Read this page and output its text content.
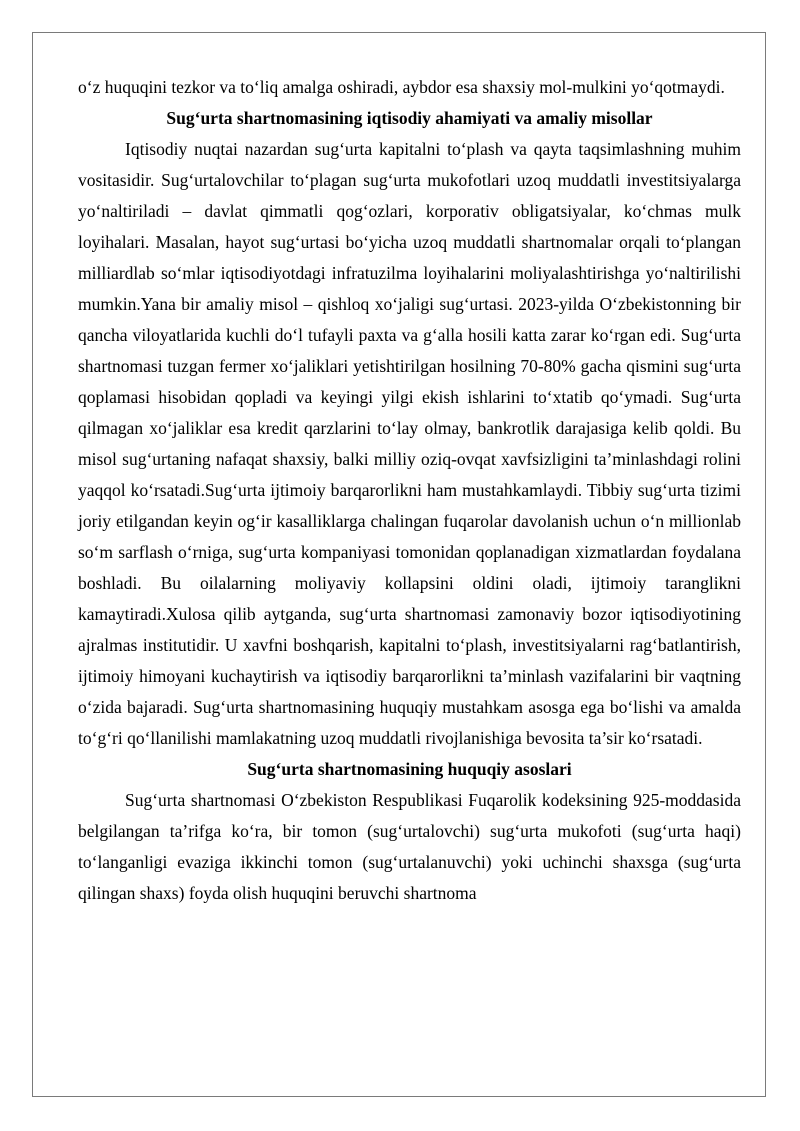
o‘z huquqini tezkor va to‘liq amalga oshiradi, aybdor esa shaxsiy mol-mulkini yo‘qotmaydi.

Sug‘urta shartnomasining iqtisodiy ahamiyati va amaliy misollar

Iqtisodiy nuqtai nazardan sug‘urta kapitalni to‘plash va qayta taqsimlashning muhim vositasidir. Sug‘urtalovchilar to‘plagan sug‘urta mukofotlari uzoq muddatli investitsiyalarga yo‘naltiriladi – davlat qimmatli qog‘ozlari, korporativ obligatsiyalar, ko‘chmas mulk loyihalari. Masalan, hayot sug‘urtasi bo‘yicha uzoq muddatli shartnomalar orqali to‘plangan milliardlab so‘mlar iqtisodiyotdagi infratuzilma loyihalarini moliyalashtirishga yo‘naltirilishi mumkin.Yana bir amaliy misol – qishloq xo‘jaligi sug‘urtasi. 2023-yilda O‘zbekistonning bir qancha viloyatlarida kuchli do‘l tufayli paxta va g‘alla hosili katta zarar ko‘rgan edi. Sug‘urta shartnomasi tuzgan fermer xo‘jaliklari yetishtirilgan hosilning 70-80% gacha qismini sug‘urta qoplamasi hisobidan qopladi va keyingi yilgi ekish ishlarini to‘xtatib qo‘ymadi. Sug‘urta qilmagan xo‘jaliklar esa kredit qarzlarini to‘lay olmay, bankrotlik darajasiga kelib qoldi. Bu misol sug‘urtaning nafaqat shaxsiy, balki milliy oziq-ovqat xavfsizligini ta’minlashdagi rolini yaqqol ko‘rsatadi.Sug‘urta ijtimoiy barqarorlikni ham mustahkamlaydi. Tibbiy sug‘urta tizimi joriy etilgandan keyin og‘ir kasalliklarga chalingan fuqarolar davolanish uchun o‘n millionlab so‘m sarflash o‘rniga, sug‘urta kompaniyasi tomonidan qoplanadigan xizmatlardan foydalana boshladi. Bu oilalarning moliyaviy kollapsini oldini oladi, ijtimoiy taranglikni kamaytiradi.Xulosa qilib aytganda, sug‘urta shartnomasi zamonaviy bozor iqtisodiyotining ajralmas institutidir. U xavfni boshqarish, kapitalni to‘plash, investitsiyalarni rag‘batlantirish, ijtimoiy himoyani kuchaytirish va iqtisodiy barqarorlikni ta’minlash vazifalarini bir vaqtning o‘zida bajaradi. Sug‘urta shartnomasining huquqiy mustahkam asosga ega bo‘lishi va amalda to‘g‘ri qo‘llanilishi mamlakatning uzoq muddatli rivojlanishiga bevosita ta’sir ko‘rsatadi.

Sug‘urta shartnomasining huquqiy asoslari

Sug‘urta shartnomasi O‘zbekiston Respublikasi Fuqarolik kodeksining 925-moddasida belgilangan ta’rifga ko‘ra, bir tomon (sug‘urtalovchi) sug‘urta mukofoti (sug‘urta haqi) to‘langanligi evaziga ikkinchi tomon (sug‘urtalanuvchi) yoki uchinchi shaxsga (sug‘urta qilingan shaxs) foyda olish huquqini beruvchi shartnoma
